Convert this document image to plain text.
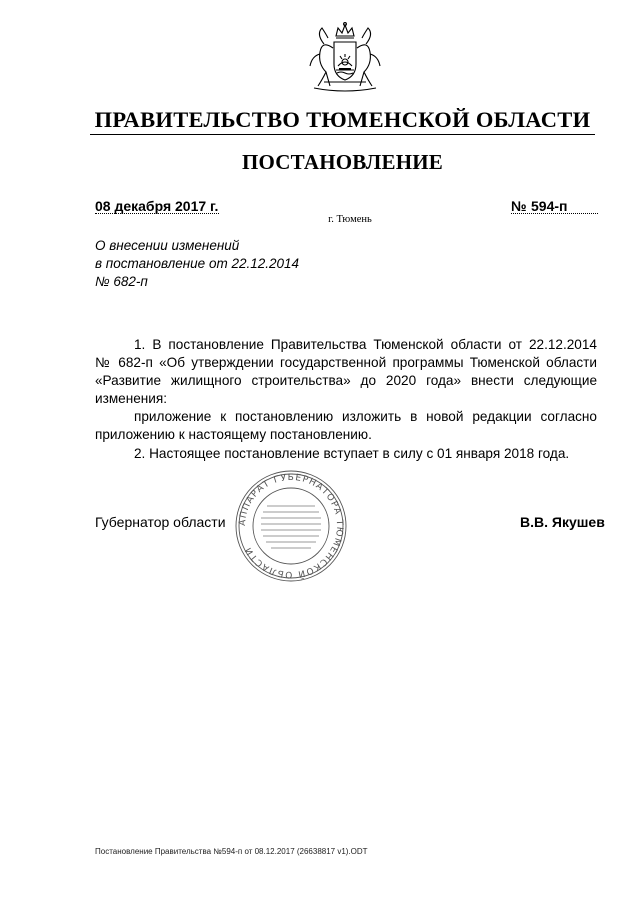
ПРАВИТЕЛЬСТВО ТЮМЕНСКОЙ ОБЛАСТИ
ПОСТАНОВЛЕНИЕ
08 декабря 2017 г.	№ 594-п
г. Тюмень
О внесении изменений
в постановление от 22.12.2014
№ 682-п
1. В постановление Правительства Тюменской области от 22.12.2014
№ 682-п «Об утверждении государственной программы Тюменской области
«Развитие жилищного строительства» до 2020 года» внести следующие
изменения:
приложение к постановлению изложить в новой редакции согласно
приложению к настоящему постановлению.
2. Настоящее постановление вступает в силу с 01 января 2018 года.
АППАРАТ ГУБЕРНАТОРА ТЮМЕНСКОЙ ОБЛАСТИ
Губернатор области	В.В. Якушев
Постановление Правительства №594-п от 08.12.2017 (26638817 v1).ODT
